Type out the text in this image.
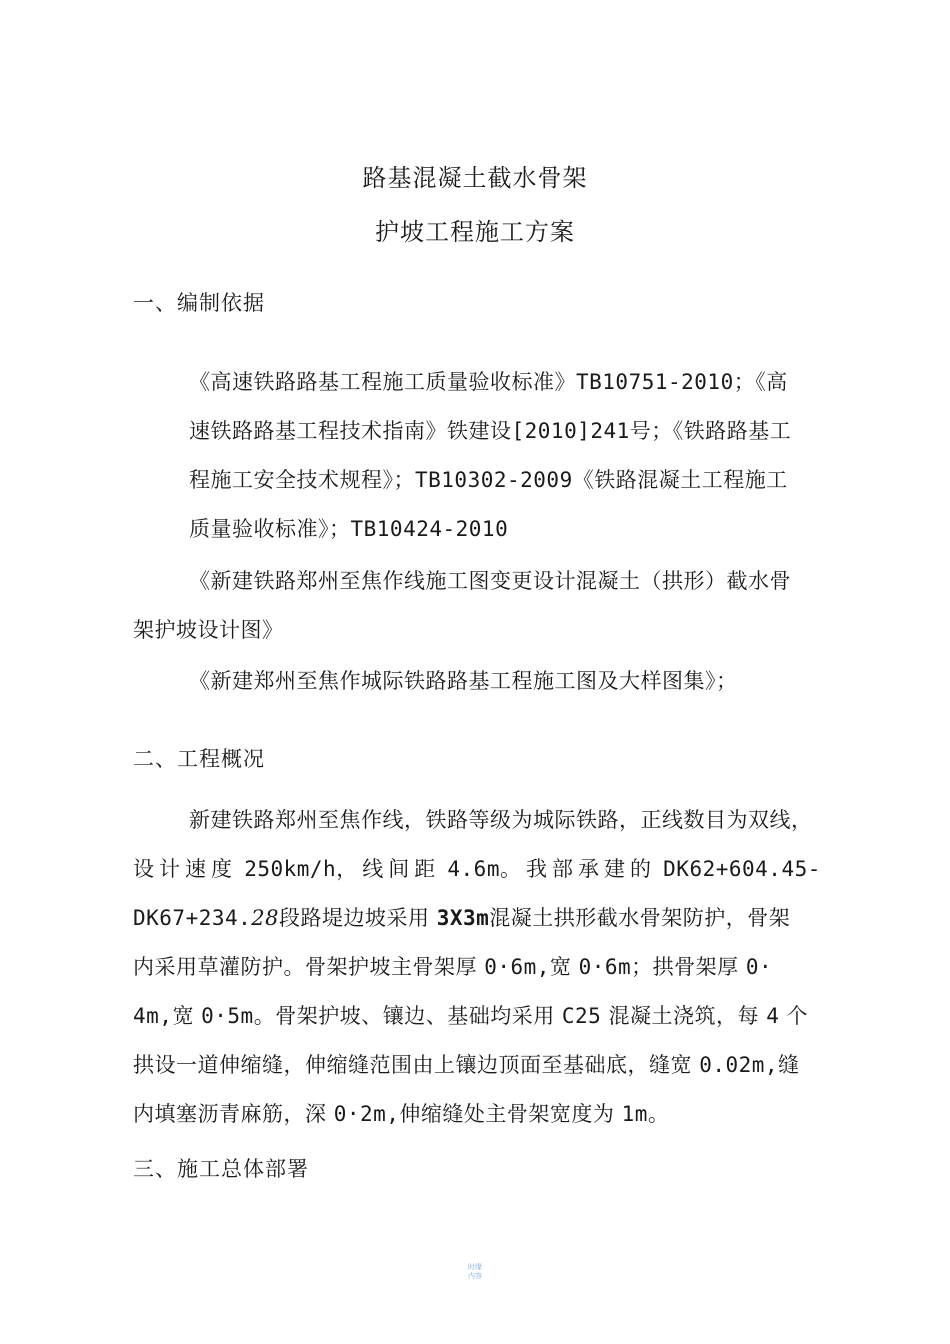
路基混凝土截水骨架
护坡工程施工方案
一、编制依据
《高速铁路路基工程施工质量验收标准》TB10751-2010；《高
速铁路路基工程技术指南》铁建设[2010]241号；《铁路路基工
程施工安全技术规程》；TB10302-2009《铁路混凝土工程施工
质量验收标准》；TB10424-2010
《新建铁路郑州至焦作线施工图变更设计混凝土（拱形）截水骨
架护坡设计图》
《新建郑州至焦作城际铁路路基工程施工图及大样图集》；
二、工程概况
新建铁路郑州至焦作线，铁路等级为城际铁路，正线数目为双线，
设计速度 250km/h，线间距 4.6m。我部承建的 DK62+604.45-
DK67+234.28段路堤边坡采用 3X3m混凝土拱形截水骨架防护，骨架
内采用草灌防护。骨架护坡主骨架厚 0·6m,宽 0·6m；拱骨架厚 0·
4m,宽 0·5m。骨架护坡、镶边、基础均采用 C25 混凝土浇筑，每 4 个
拱设一道伸缩缝，伸缩缝范围由上镶边顶面至基础底，缝宽 0.02m,缝
内填塞沥青麻筋，深 0·2m,伸缩缝处主骨架宽度为 1m。
三、施工总体部署
时缘
内容
